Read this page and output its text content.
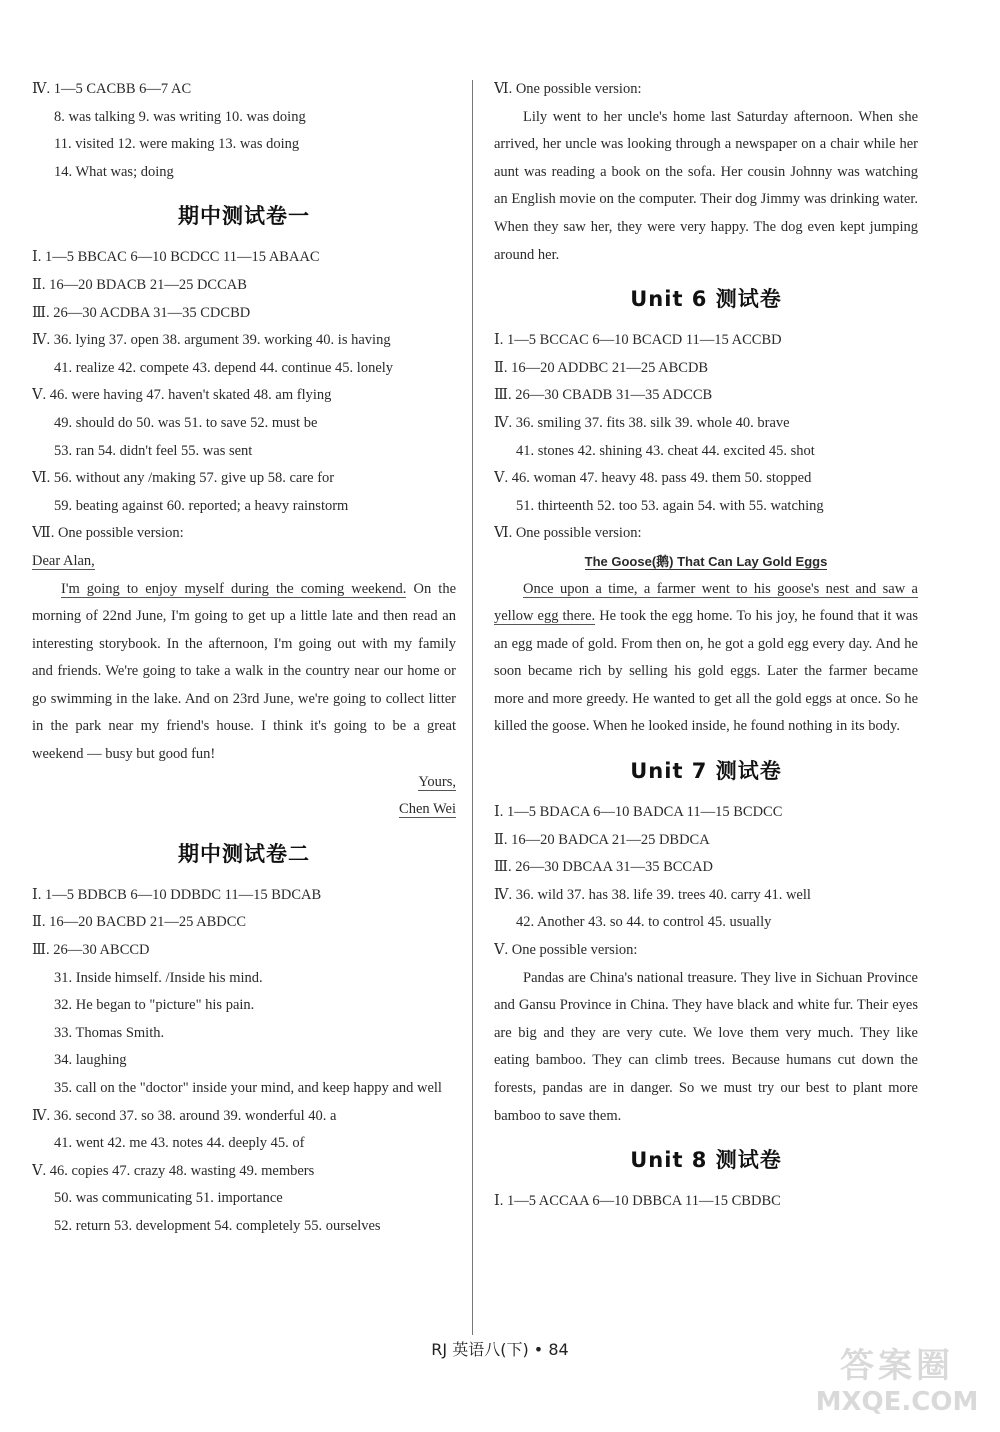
Ⅳ. 1—5 CACBB 6—7 AC
8. was talking 9. was writing 10. was doing
11. visited 12. were making 13. was doing
14. What was; doing
期中测试卷一
Ⅰ. 1—5 BBCAC 6—10 BCDCC 11—15 ABAAC
Ⅱ. 16—20 BDACB 21—25 DCCAB
Ⅲ. 26—30 ACDBA 31—35 CDCBD
Ⅳ. 36. lying 37. open 38. argument 39. working 40. is having
41. realize 42. compete 43. depend 44. continue 45. lonely
Ⅴ. 46. were having 47. haven't skated 48. am flying
49. should do 50. was 51. to save 52. must be
53. ran 54. didn't feel 55. was sent
Ⅵ. 56. without any /making 57. give up 58. care for
59. beating against 60. reported; a heavy rainstorm
Ⅶ. One possible version:
Dear Alan,

I'm going to enjoy myself during the coming weekend. On the morning of 22nd June, I'm going to get up a little late and then read an interesting storybook. In the afternoon, I'm going out with my family and friends. We're going to take a walk in the country near our home or go swimming in the lake. And on 23rd June, we're going to collect litter in the park near my friend's house. I think it's going to be a great weekend — busy but good fun!

Yours,
Chen Wei
期中测试卷二
Ⅰ. 1—5 BDBCB 6—10 DDBDC 11—15 BDCAB
Ⅱ. 16—20 BACBD 21—25 ABDCC
Ⅲ. 26—30 ABCCD
31. Inside himself. /Inside his mind.
32. He began to "picture" his pain.
33. Thomas Smith.
34. laughing

35. call on the "doctor" inside your mind, and keep happy and well

Ⅳ. 36. second 37. so 38. around 39. wonderful 40. a
41. went 42. me 43. notes 44. deeply 45. of
Ⅴ. 46. copies 47. crazy 48. wasting 49. members
50. was communicating 51. importance
52. return 53. development 54. completely 55. ourselves
Ⅵ. One possible version:

Lily went to her uncle's home last Saturday afternoon. When she arrived, her uncle was looking through a newspaper on a chair while her aunt was reading a book on the sofa. Her cousin Johnny was watching an English movie on the computer. Their dog Jimmy was drinking water. When they saw her, they were very happy. The dog even kept jumping around her.

Unit 6 测试卷
Ⅰ. 1—5 BCCAC 6—10 BCACD 11—15 ACCBD
Ⅱ. 16—20 ADDBC 21—25 ABCDB
Ⅲ. 26—30 CBADB 31—35 ADCCB
Ⅳ. 36. smiling 37. fits 38. silk 39. whole 40. brave
41. stones 42. shining 43. cheat 44. excited 45. shot
Ⅴ. 46. woman 47. heavy 48. pass 49. them 50. stopped
51. thirteenth 52. too 53. again 54. with 55. watching
Ⅵ. One possible version:
The Goose(鹅) That Can Lay Gold Eggs

Once upon a time, a farmer went to his goose's nest and saw a yellow egg there. He took the egg home. To his joy, he found that it was an egg made of gold. From then on, he got a gold egg every day. And he soon became rich by selling his gold eggs. Later the farmer became more and more greedy. He wanted to get all the gold eggs at once. So he killed the goose. When he looked inside, he found nothing in its body.

Unit 7 测试卷
Ⅰ. 1—5 BDACA 6—10 BADCA 11—15 BCDCC
Ⅱ. 16—20 BADCA 21—25 DBDCA
Ⅲ. 26—30 DBCAA 31—35 BCCAD
Ⅳ. 36. wild 37. has 38. life 39. trees 40. carry 41. well
42. Another 43. so 44. to control 45. usually
Ⅴ. One possible version:

Pandas are China's national treasure. They live in Sichuan Province and Gansu Province in China. They have black and white fur. Their eyes are big and they are very cute. We love them very much. They like eating bamboo. They can climb trees. Because humans cut down the forests, pandas are in danger. So we must try our best to plant more bamboo to save them.

Unit 8 测试卷
Ⅰ. 1—5 ACCAA 6—10 DBBCA 11—15 CBDBC
RJ 英语八(下) • 84	答案圈
MXQE.COM
